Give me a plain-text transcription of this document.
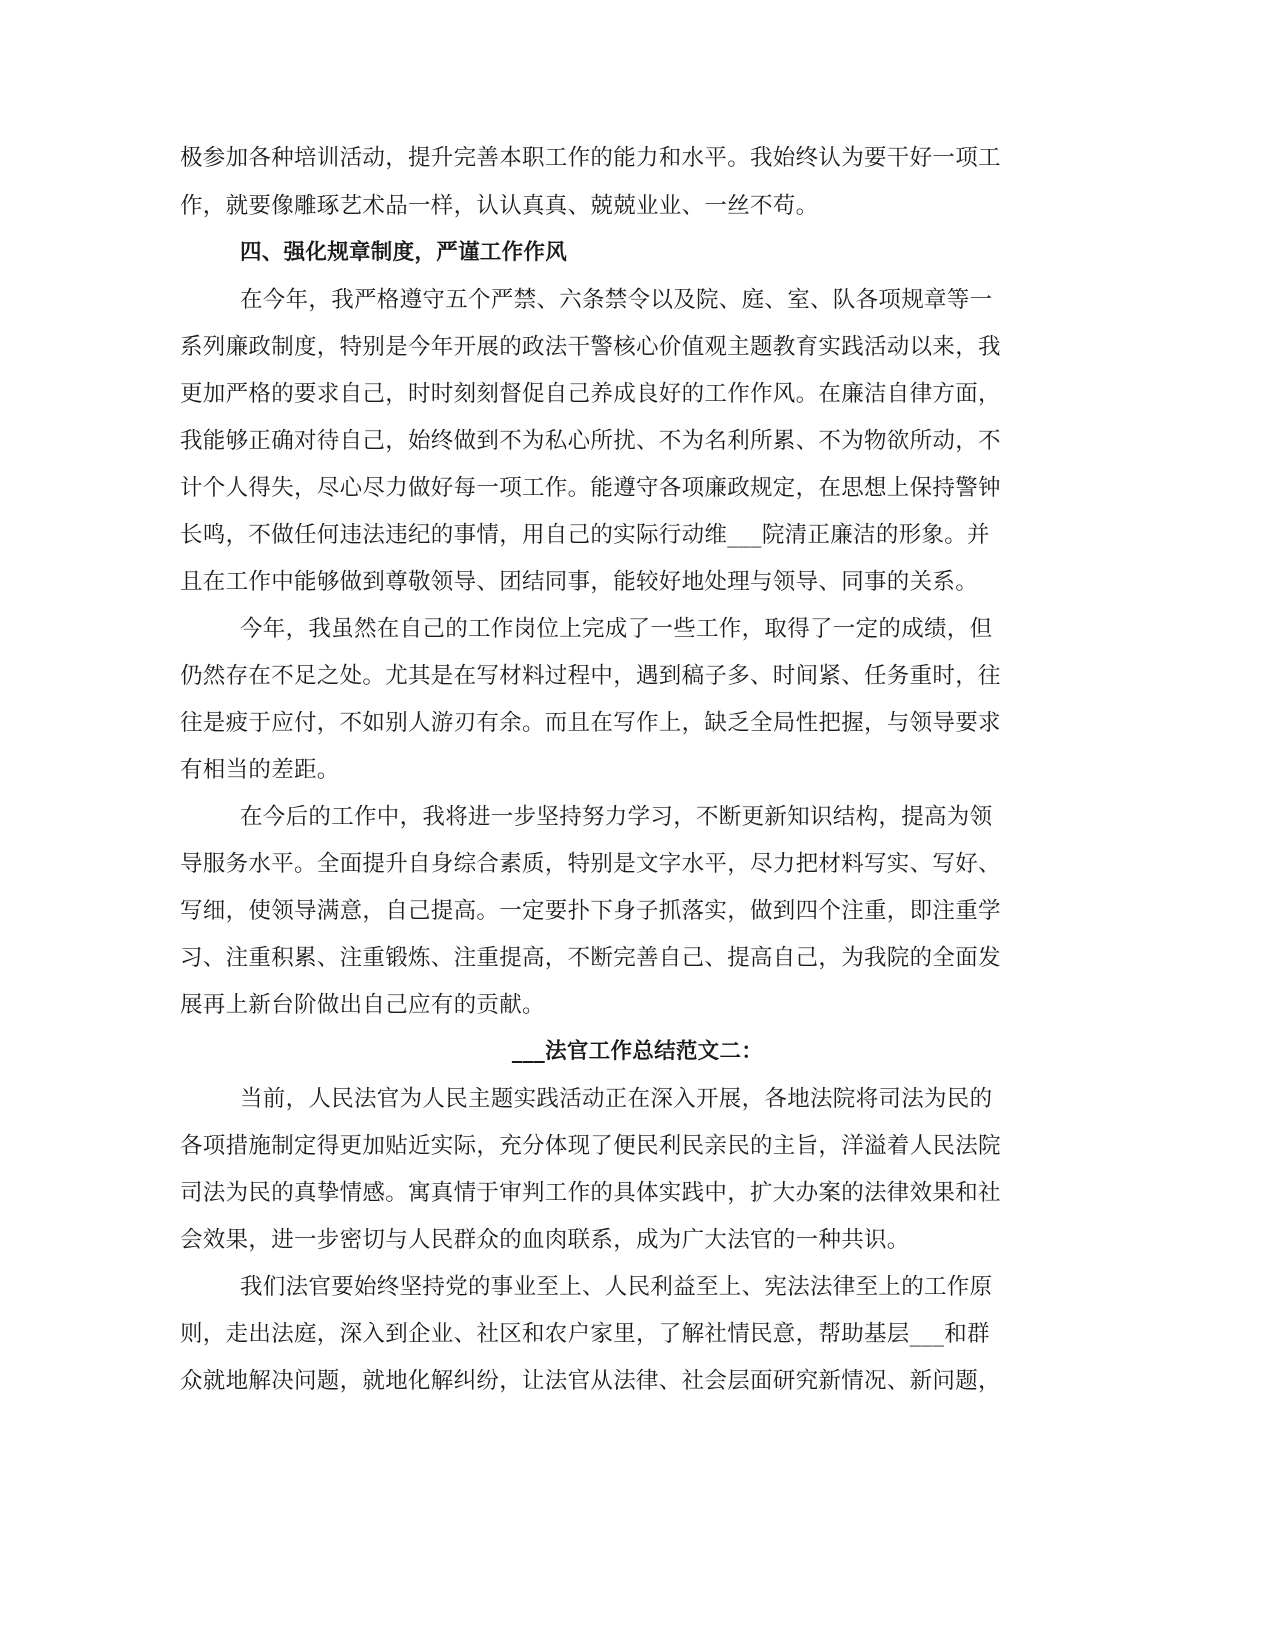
极参加各种培训活动，提升完善本职工作的能力和水平。我始终认为要干好一项工
作，就要像雕琢艺术品一样，认认真真、兢兢业业、一丝不苟。
四、强化规章制度，严谨工作作风
在今年，我严格遵守五个严禁、六条禁令以及院、庭、室、队各项规章等一
系列廉政制度，特别是今年开展的政法干警核心价值观主题教育实践活动以来，我
更加严格的要求自己，时时刻刻督促自己养成良好的工作作风。在廉洁自律方面，
我能够正确对待自己，始终做到不为私心所扰、不为名利所累、不为物欲所动，不
计个人得失，尽心尽力做好每一项工作。能遵守各项廉政规定，在思想上保持警钟
长鸣，不做任何违法违纪的事情，用自己的实际行动维___院清正廉洁的形象。并
且在工作中能够做到尊敬领导、团结同事，能较好地处理与领导、同事的关系。
今年，我虽然在自己的工作岗位上完成了一些工作，取得了一定的成绩，但
仍然存在不足之处。尤其是在写材料过程中，遇到稿子多、时间紧、任务重时，往
往是疲于应付，不如别人游刃有余。而且在写作上，缺乏全局性把握，与领导要求
有相当的差距。
在今后的工作中，我将进一步坚持努力学习，不断更新知识结构，提高为领
导服务水平。全面提升自身综合素质，特别是文字水平，尽力把材料写实、写好、
写细，使领导满意，自己提高。一定要扑下身子抓落实，做到四个注重，即注重学
习、注重积累、注重锻炼、注重提高，不断完善自己、提高自己，为我院的全面发
展再上新台阶做出自己应有的贡献。
___法官工作总结范文二：
当前，人民法官为人民主题实践活动正在深入开展，各地法院将司法为民的
各项措施制定得更加贴近实际，充分体现了便民利民亲民的主旨，洋溢着人民法院
司法为民的真挚情感。寓真情于审判工作的具体实践中，扩大办案的法律效果和社
会效果，进一步密切与人民群众的血肉联系，成为广大法官的一种共识。
我们法官要始终坚持党的事业至上、人民利益至上、宪法法律至上的工作原
则，走出法庭，深入到企业、社区和农户家里，了解社情民意，帮助基层___和群
众就地解决问题，就地化解纠纷，让法官从法律、社会层面研究新情况、新问题，
